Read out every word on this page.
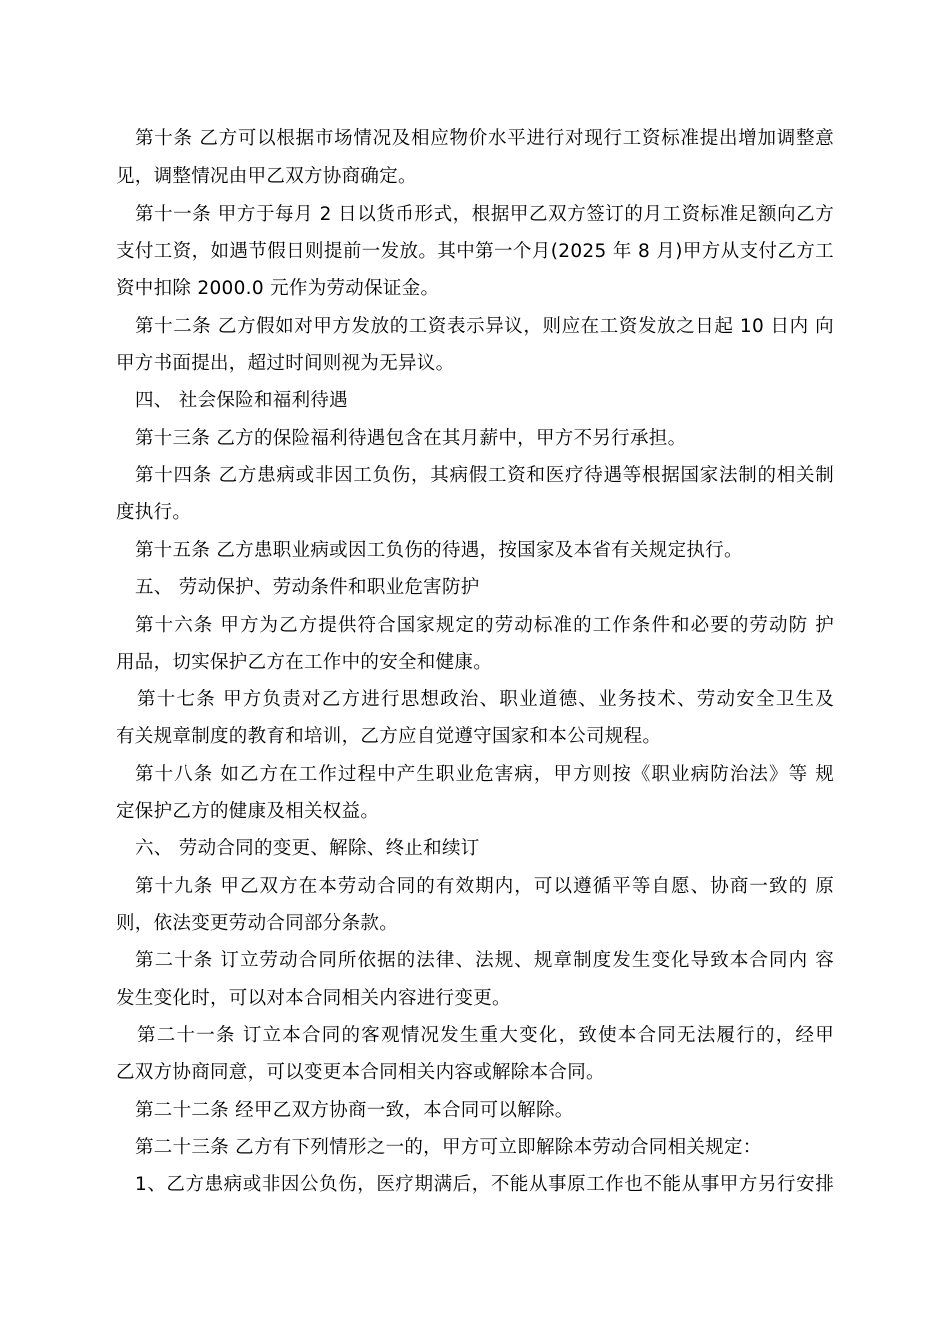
第十条 乙方可以根据市场情况及相应物价水平进行对现行工资标准提出增加调整意
见，调整情况由甲乙双方协商确定。
第十一条 甲方于每月 2 日以货币形式，根据甲乙双方签订的月工资标准足额向乙方
支付工资，如遇节假日则提前一发放。其中第一个月(2025 年 8 月)甲方从支付乙方工
资中扣除 2000.0 元作为劳动保证金。
第十二条 乙方假如对甲方发放的工资表示异议，则应在工资发放之日起 10 日内 向
甲方书面提出，超过时间则视为无异议。
四、 社会保险和福利待遇
第十三条 乙方的保险福利待遇包含在其月薪中，甲方不另行承担。
第十四条 乙方患病或非因工负伤，其病假工资和医疗待遇等根据国家法制的相关制
度执行。
第十五条 乙方患职业病或因工负伤的待遇，按国家及本省有关规定执行。
五、 劳动保护、劳动条件和职业危害防护
第十六条 甲方为乙方提供符合国家规定的劳动标准的工作条件和必要的劳动防 护
用品，切实保护乙方在工作中的安全和健康。
第十七条 甲方负责对乙方进行思想政治、职业道德、业务技术、劳动安全卫生及
有关规章制度的教育和培训，乙方应自觉遵守国家和本公司规程。
第十八条 如乙方在工作过程中产生职业危害病，甲方则按《职业病防治法》等 规
定保护乙方的健康及相关权益。
六、 劳动合同的变更、解除、终止和续订
第十九条 甲乙双方在本劳动合同的有效期内，可以遵循平等自愿、协商一致的 原
则，依法变更劳动合同部分条款。
第二十条 订立劳动合同所依据的法律、法规、规章制度发生变化导致本合同内 容
发生变化时，可以对本合同相关内容进行变更。
第二十一条 订立本合同的客观情况发生重大变化，致使本合同无法履行的，经甲
乙双方协商同意，可以变更本合同相关内容或解除本合同。
第二十二条 经甲乙双方协商一致，本合同可以解除。
第二十三条 乙方有下列情形之一的，甲方可立即解除本劳动合同相关规定：
1、乙方患病或非因公负伤，医疗期满后，不能从事原工作也不能从事甲方另行安排
